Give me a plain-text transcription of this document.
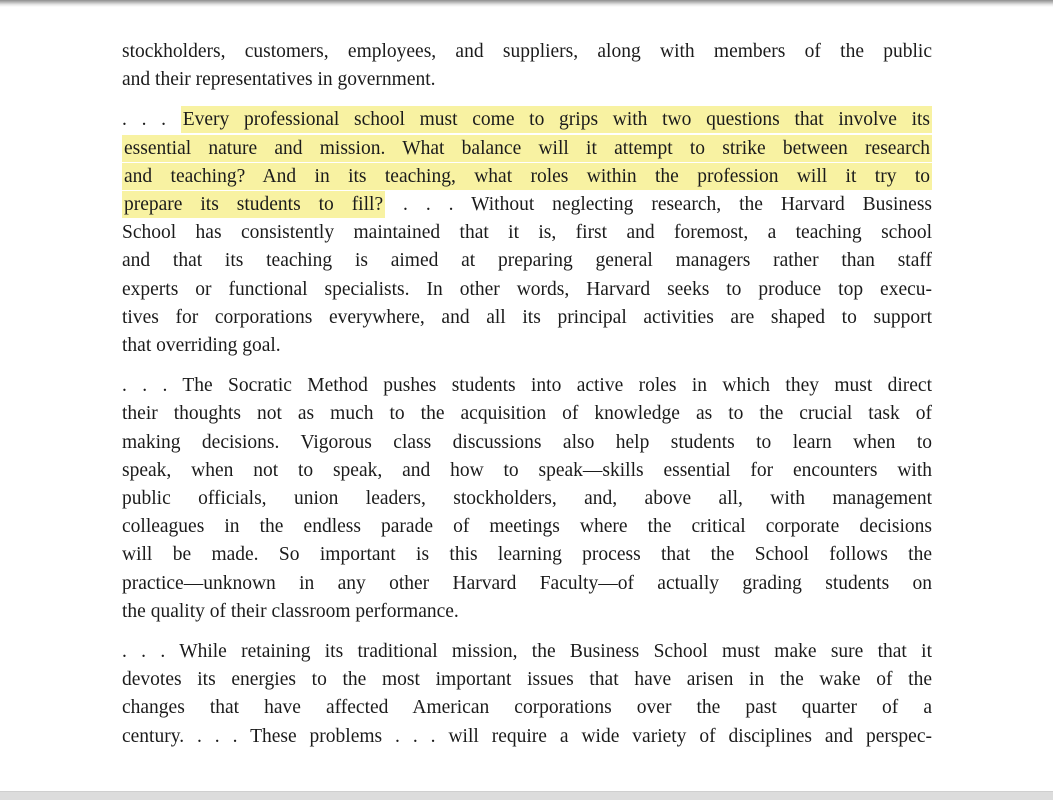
stockholders, customers, employees, and suppliers, along with members of the public
and their representatives in government.
. . . Every professional school must come to grips with two questions that involve its
essential nature and mission. What balance will it attempt to strike between research
and teaching? And in its teaching, what roles within the profession will it try to
prepare its students to fill? . . . Without neglecting research, the Harvard Business
School has consistently maintained that it is, first and foremost, a teaching school
and that its teaching is aimed at preparing general managers rather than staff
experts or functional specialists. In other words, Harvard seeks to produce top execu-
tives for corporations everywhere, and all its principal activities are shaped to support
that overriding goal.
. . . The Socratic Method pushes students into active roles in which they must direct
their thoughts not as much to the acquisition of knowledge as to the crucial task of
making decisions. Vigorous class discussions also help students to learn when to
speak, when not to speak, and how to speak—skills essential for encounters with
public officials, union leaders, stockholders, and, above all, with management
colleagues in the endless parade of meetings where the critical corporate decisions
will be made. So important is this learning process that the School follows the
practice—unknown in any other Harvard Faculty—of actually grading students on
the quality of their classroom performance.
. . . While retaining its traditional mission, the Business School must make sure that it
devotes its energies to the most important issues that have arisen in the wake of the
changes that have affected American corporations over the past quarter of a
century. . . . These problems . . . will require a wide variety of disciplines and perspec-
